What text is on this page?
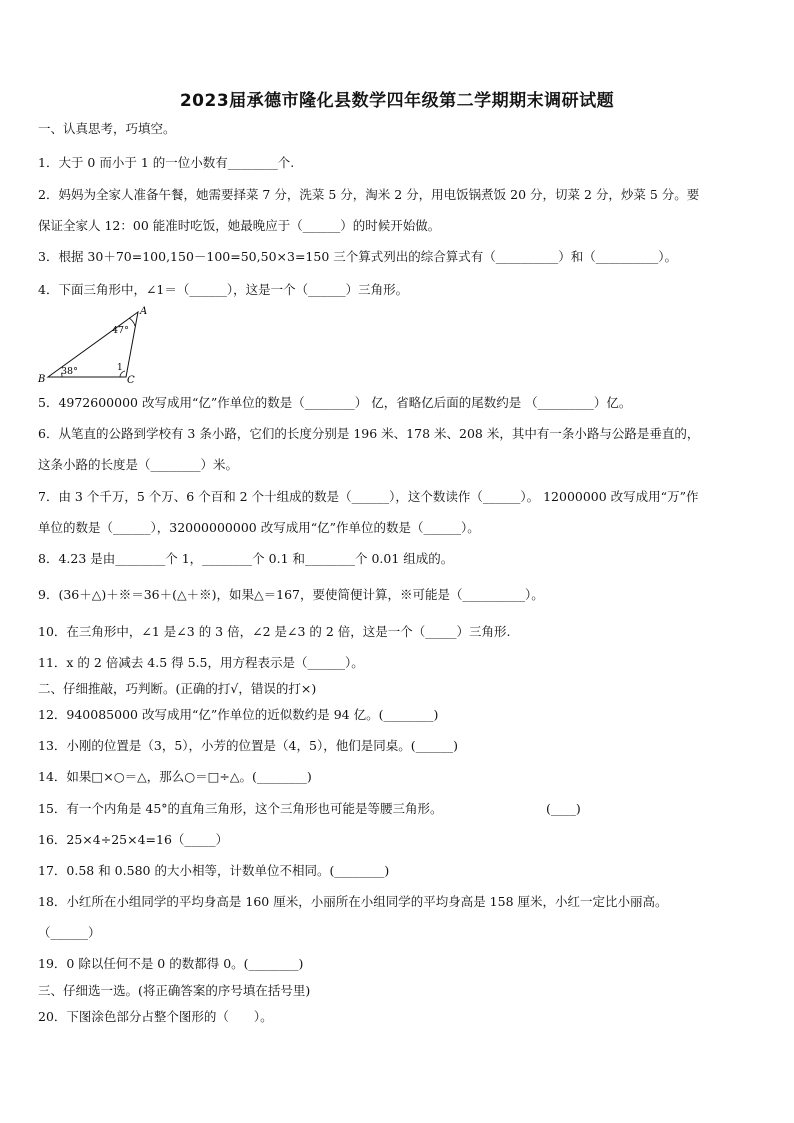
2023届承德市隆化县数学四年级第二学期期末调研试题
一、认真思考，巧填空。
1．大于 0 而小于 1 的一位小数有________个.
2．妈妈为全家人准备午餐，她需要择菜 7 分，洗菜 5 分，淘米 2 分，用电饭锅煮饭 20 分，切菜 2 分，炒菜 5 分。要
保证全家人 12：00 能准时吃饭，她最晚应于（______）的时候开始做。
3．根据 30＋70=100,150－100=50,50×3=150 三个算式列出的综合算式有（__________）和（__________）。
4．下面三角形中，∠1＝（______），这是一个（______）三角形。
A
B	C
47°
38°	1
5．4972600000 改写成用“亿”作单位的数是（________） 亿，省略亿后面的尾数约是 （_________）亿。
6．从笔直的公路到学校有 3 条小路，它们的长度分别是 196 米、178 米、208 米，其中有一条小路与公路是垂直的，
这条小路的长度是（________）米。
7．由 3 个千万，5 个万、6 个百和 2 个十组成的数是（______），这个数读作（______）。 12000000 改写成用“万”作
单位的数是（______），32000000000 改写成用“亿”作单位的数是（______）。
8．4.23 是由________个 1，________个 0.1 和________个 0.01 组成的。
9．(36＋△)＋※＝36＋(△＋※)，如果△＝167，要使简便计算，※可能是（__________）。
10．在三角形中，∠1 是∠3 的 3 倍，∠2 是∠3 的 2 倍，这是一个（_____）三角形.
11．x 的 2 倍减去 4.5 得 5.5，用方程表示是（______）。
二、仔细推敲，巧判断。(正确的打√，错误的打×)
12．940085000 改写成用“亿”作单位的近似数约是 94 亿。(________)
13．小刚的位置是（3，5），小芳的位置是（4，5），他们是同桌。(______)
14．如果□×○＝△，那么○＝□÷△。(________)
15．有一个内角是 45°的直角三角形，这个三角形也可能是等腰三角形。	(____)
16．25×4÷25×4=16（_____）
17．0.58 和 0.580 的大小相等，计数单位不相同。(________)
18．小红所在小组同学的平均身高是 160 厘米，小丽所在小组同学的平均身高是 158 厘米，小红一定比小丽高。
（______）
19．0 除以任何不是 0 的数都得 0。(________)
三、仔细选一选。(将正确答案的序号填在括号里)
20．下图涂色部分占整个图形的（　　）。
